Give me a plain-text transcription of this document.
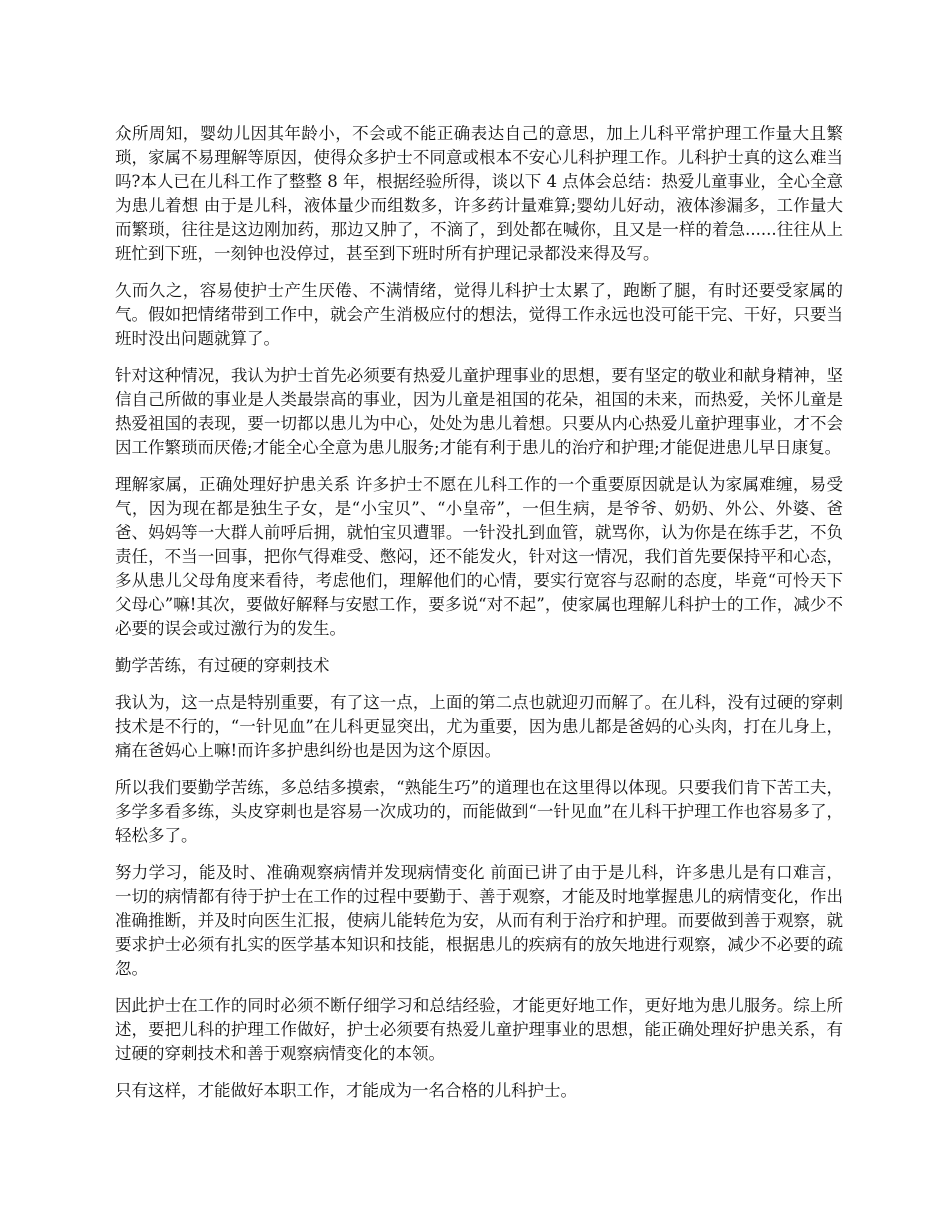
众所周知，婴幼儿因其年龄小，不会或不能正确表达自己的意思，加上儿科平常护理工作量大且繁琐，家属不易理解等原因，使得众多护士不同意或根本不安心儿科护理工作。儿科护士真的这么难当吗?本人已在儿科工作了整整 8 年，根据经验所得，谈以下 4 点体会总结：热爱儿童事业，全心全意为患儿着想 由于是儿科，液体量少而组数多，许多药计量难算;婴幼儿好动，液体渗漏多，工作量大而繁琐，往往是这边刚加药，那边又肿了，不滴了，到处都在喊你，且又是一样的着急......往往从上班忙到下班，一刻钟也没停过，甚至到下班时所有护理记录都没来得及写。

久而久之，容易使护士产生厌倦、不满情绪，觉得儿科护士太累了，跑断了腿，有时还要受家属的气。假如把情绪带到工作中，就会产生消极应付的想法，觉得工作永远也没可能干完、干好，只要当班时没出问题就算了。

针对这种情况，我认为护士首先必须要有热爱儿童护理事业的思想，要有坚定的敬业和献身精神，坚信自己所做的事业是人类最崇高的事业，因为儿童是祖国的花朵，祖国的未来，而热爱，关怀儿童是热爱祖国的表现，要一切都以患儿为中心，处处为患儿着想。只要从内心热爱儿童护理事业，才不会因工作繁琐而厌倦;才能全心全意为患儿服务;才能有利于患儿的治疗和护理;才能促进患儿早日康复。

理解家属，正确处理好护患关系 许多护士不愿在儿科工作的一个重要原因就是认为家属难缠，易受气，因为现在都是独生子女，是“小宝贝”、“小皇帝”，一但生病，是爷爷、奶奶、外公、外婆、爸爸、妈妈等一大群人前呼后拥，就怕宝贝遭罪。一针没扎到血管，就骂你，认为你是在练手艺，不负责任，不当一回事，把你气得难受、憋闷，还不能发火，针对这一情况，我们首先要保持平和心态，多从患儿父母角度来看待，考虑他们，理解他们的心情，要实行宽容与忍耐的态度，毕竟“可怜天下父母心”嘛!其次，要做好解释与安慰工作，要多说“对不起”，使家属也理解儿科护士的工作，减少不必要的误会或过激行为的发生。

勤学苦练，有过硬的穿刺技术

我认为，这一点是特别重要，有了这一点，上面的第二点也就迎刃而解了。在儿科，没有过硬的穿刺技术是不行的，“一针见血”在儿科更显突出，尤为重要，因为患儿都是爸妈的心头肉，打在儿身上，痛在爸妈心上嘛!而许多护患纠纷也是因为这个原因。

所以我们要勤学苦练，多总结多摸索，“熟能生巧”的道理也在这里得以体现。只要我们肯下苦工夫，多学多看多练，头皮穿刺也是容易一次成功的，而能做到“一针见血”在儿科干护理工作也容易多了，轻松多了。

努力学习，能及时、准确观察病情并发现病情变化 前面已讲了由于是儿科，许多患儿是有口难言，一切的病情都有待于护士在工作的过程中要勤于、善于观察，才能及时地掌握患儿的病情变化，作出准确推断，并及时向医生汇报，使病儿能转危为安，从而有利于治疗和护理。而要做到善于观察，就要求护士必须有扎实的医学基本知识和技能，根据患儿的疾病有的放矢地进行观察，减少不必要的疏忽。

因此护士在工作的同时必须不断仔细学习和总结经验，才能更好地工作，更好地为患儿服务。综上所述，要把儿科的护理工作做好，护士必须要有热爱儿童护理事业的思想，能正确处理好护患关系，有过硬的穿刺技术和善于观察病情变化的本领。

只有这样，才能做好本职工作，才能成为一名合格的儿科护士。
